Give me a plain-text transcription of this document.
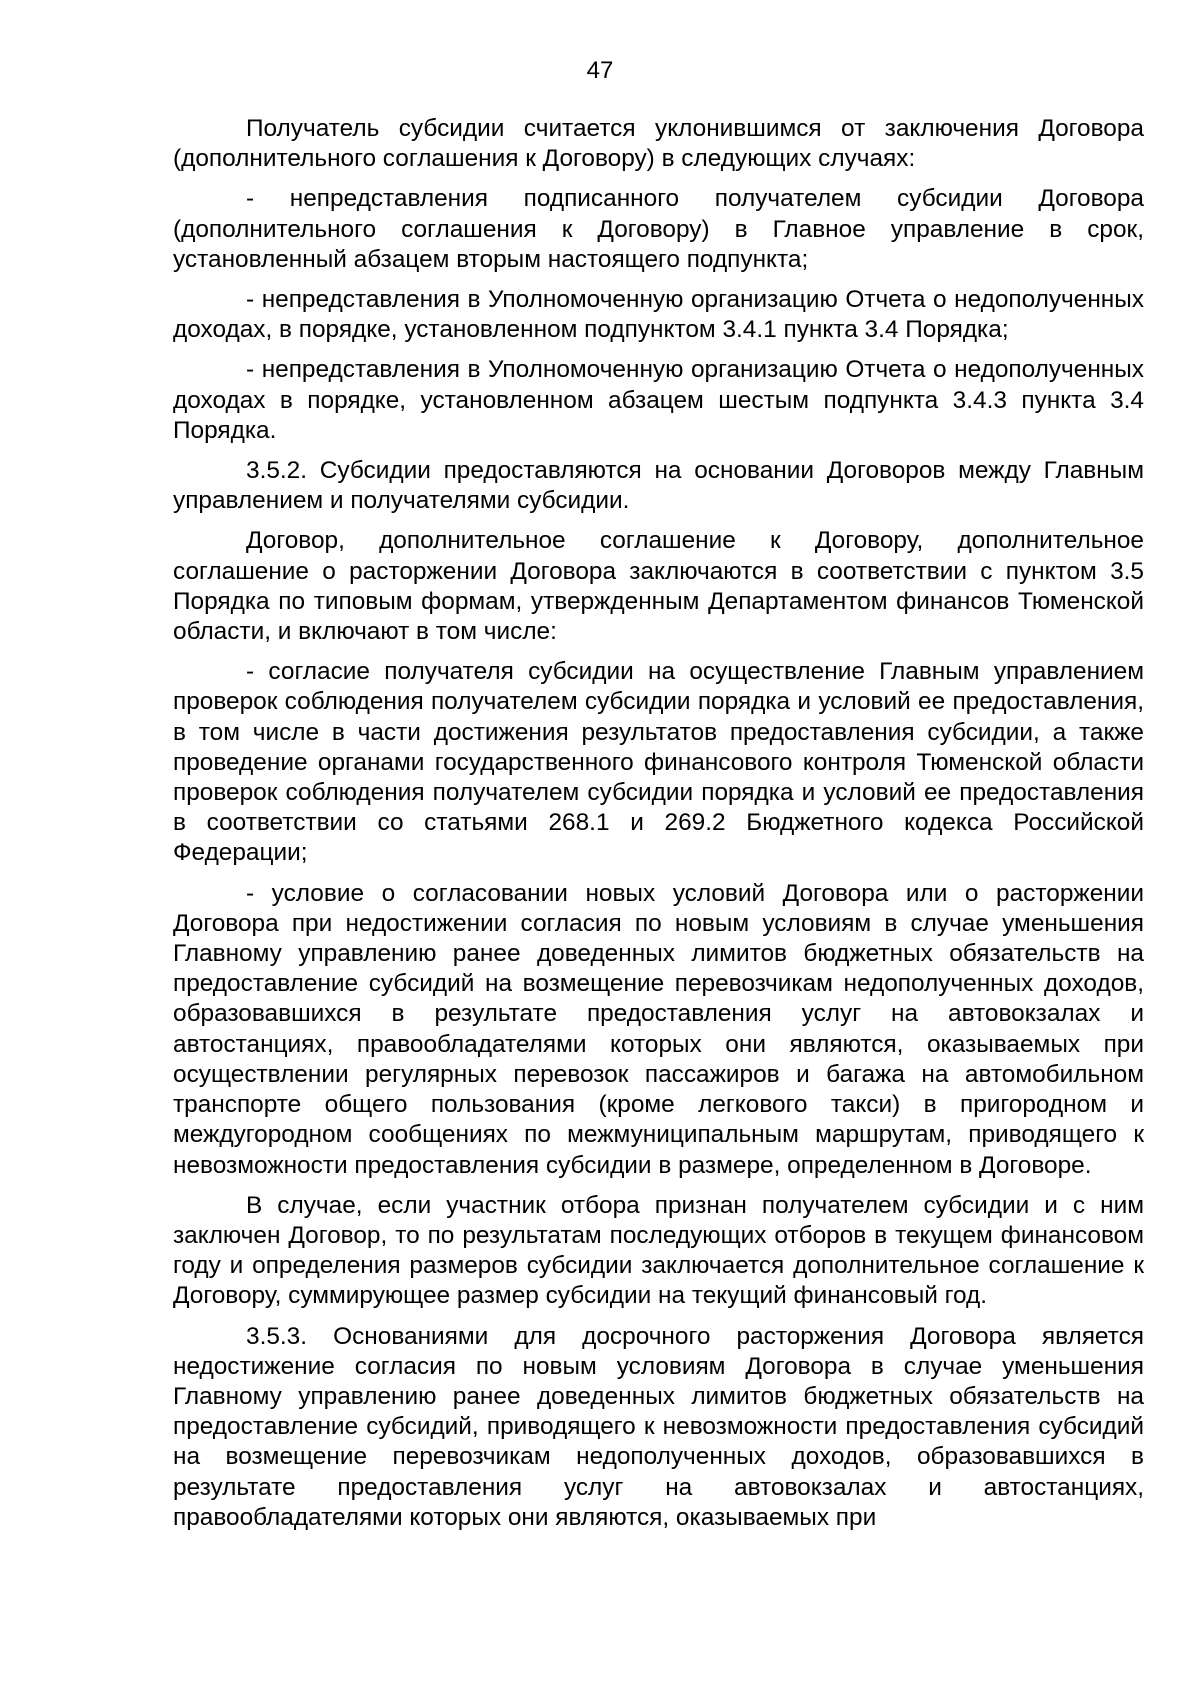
47

Получатель субсидии считается уклонившимся от заключения Договора (дополнительного соглашения к Договору) в следующих случаях:

- непредставления подписанного получателем субсидии Договора (дополнительного соглашения к Договору) в Главное управление в срок, установленный абзацем вторым настоящего подпункта;

- непредставления в Уполномоченную организацию Отчета о недополученных доходах, в порядке, установленном подпунктом 3.4.1 пункта 3.4 Порядка;

- непредставления в Уполномоченную организацию Отчета о недополученных доходах в порядке, установленном абзацем шестым подпункта 3.4.3 пункта 3.4 Порядка.

3.5.2. Субсидии предоставляются на основании Договоров между Главным управлением и получателями субсидии.

Договор, дополнительное соглашение к Договору, дополнительное соглашение о расторжении Договора заключаются в соответствии с пунктом 3.5 Порядка по типовым формам, утвержденным Департаментом финансов Тюменской области, и включают в том числе:

- согласие получателя субсидии на осуществление Главным управлением проверок соблюдения получателем субсидии порядка и условий ее предоставления, в том числе в части достижения результатов предоставления субсидии, а также проведение органами государственного финансового контроля Тюменской области проверок соблюдения получателем субсидии порядка и условий ее предоставления в соответствии со статьями 268.1 и 269.2 Бюджетного кодекса Российской Федерации;

- условие о согласовании новых условий Договора или о расторжении Договора при недостижении согласия по новым условиям в случае уменьшения Главному управлению ранее доведенных лимитов бюджетных обязательств на предоставление субсидий на возмещение перевозчикам недополученных доходов, образовавшихся в результате предоставления услуг на автовокзалах и автостанциях, правообладателями которых они являются, оказываемых при осуществлении регулярных перевозок пассажиров и багажа на автомобильном транспорте общего пользования (кроме легкового такси) в пригородном и междугородном сообщениях по межмуниципальным маршрутам, приводящего к невозможности предоставления субсидии в размере, определенном в Договоре.

В случае, если участник отбора признан получателем субсидии и с ним заключен Договор, то по результатам последующих отборов в текущем финансовом году и определения размеров субсидии заключается дополнительное соглашение к Договору, суммирующее размер субсидии на текущий финансовый год.

3.5.3. Основаниями для досрочного расторжения Договора является недостижение согласия по новым условиям Договора в случае уменьшения Главному управлению ранее доведенных лимитов бюджетных обязательств на предоставление субсидий, приводящего к невозможности предоставления субсидий на возмещение перевозчикам недополученных доходов, образовавшихся в результате предоставления услуг на автовокзалах и автостанциях, правообладателями которых они являются, оказываемых при
